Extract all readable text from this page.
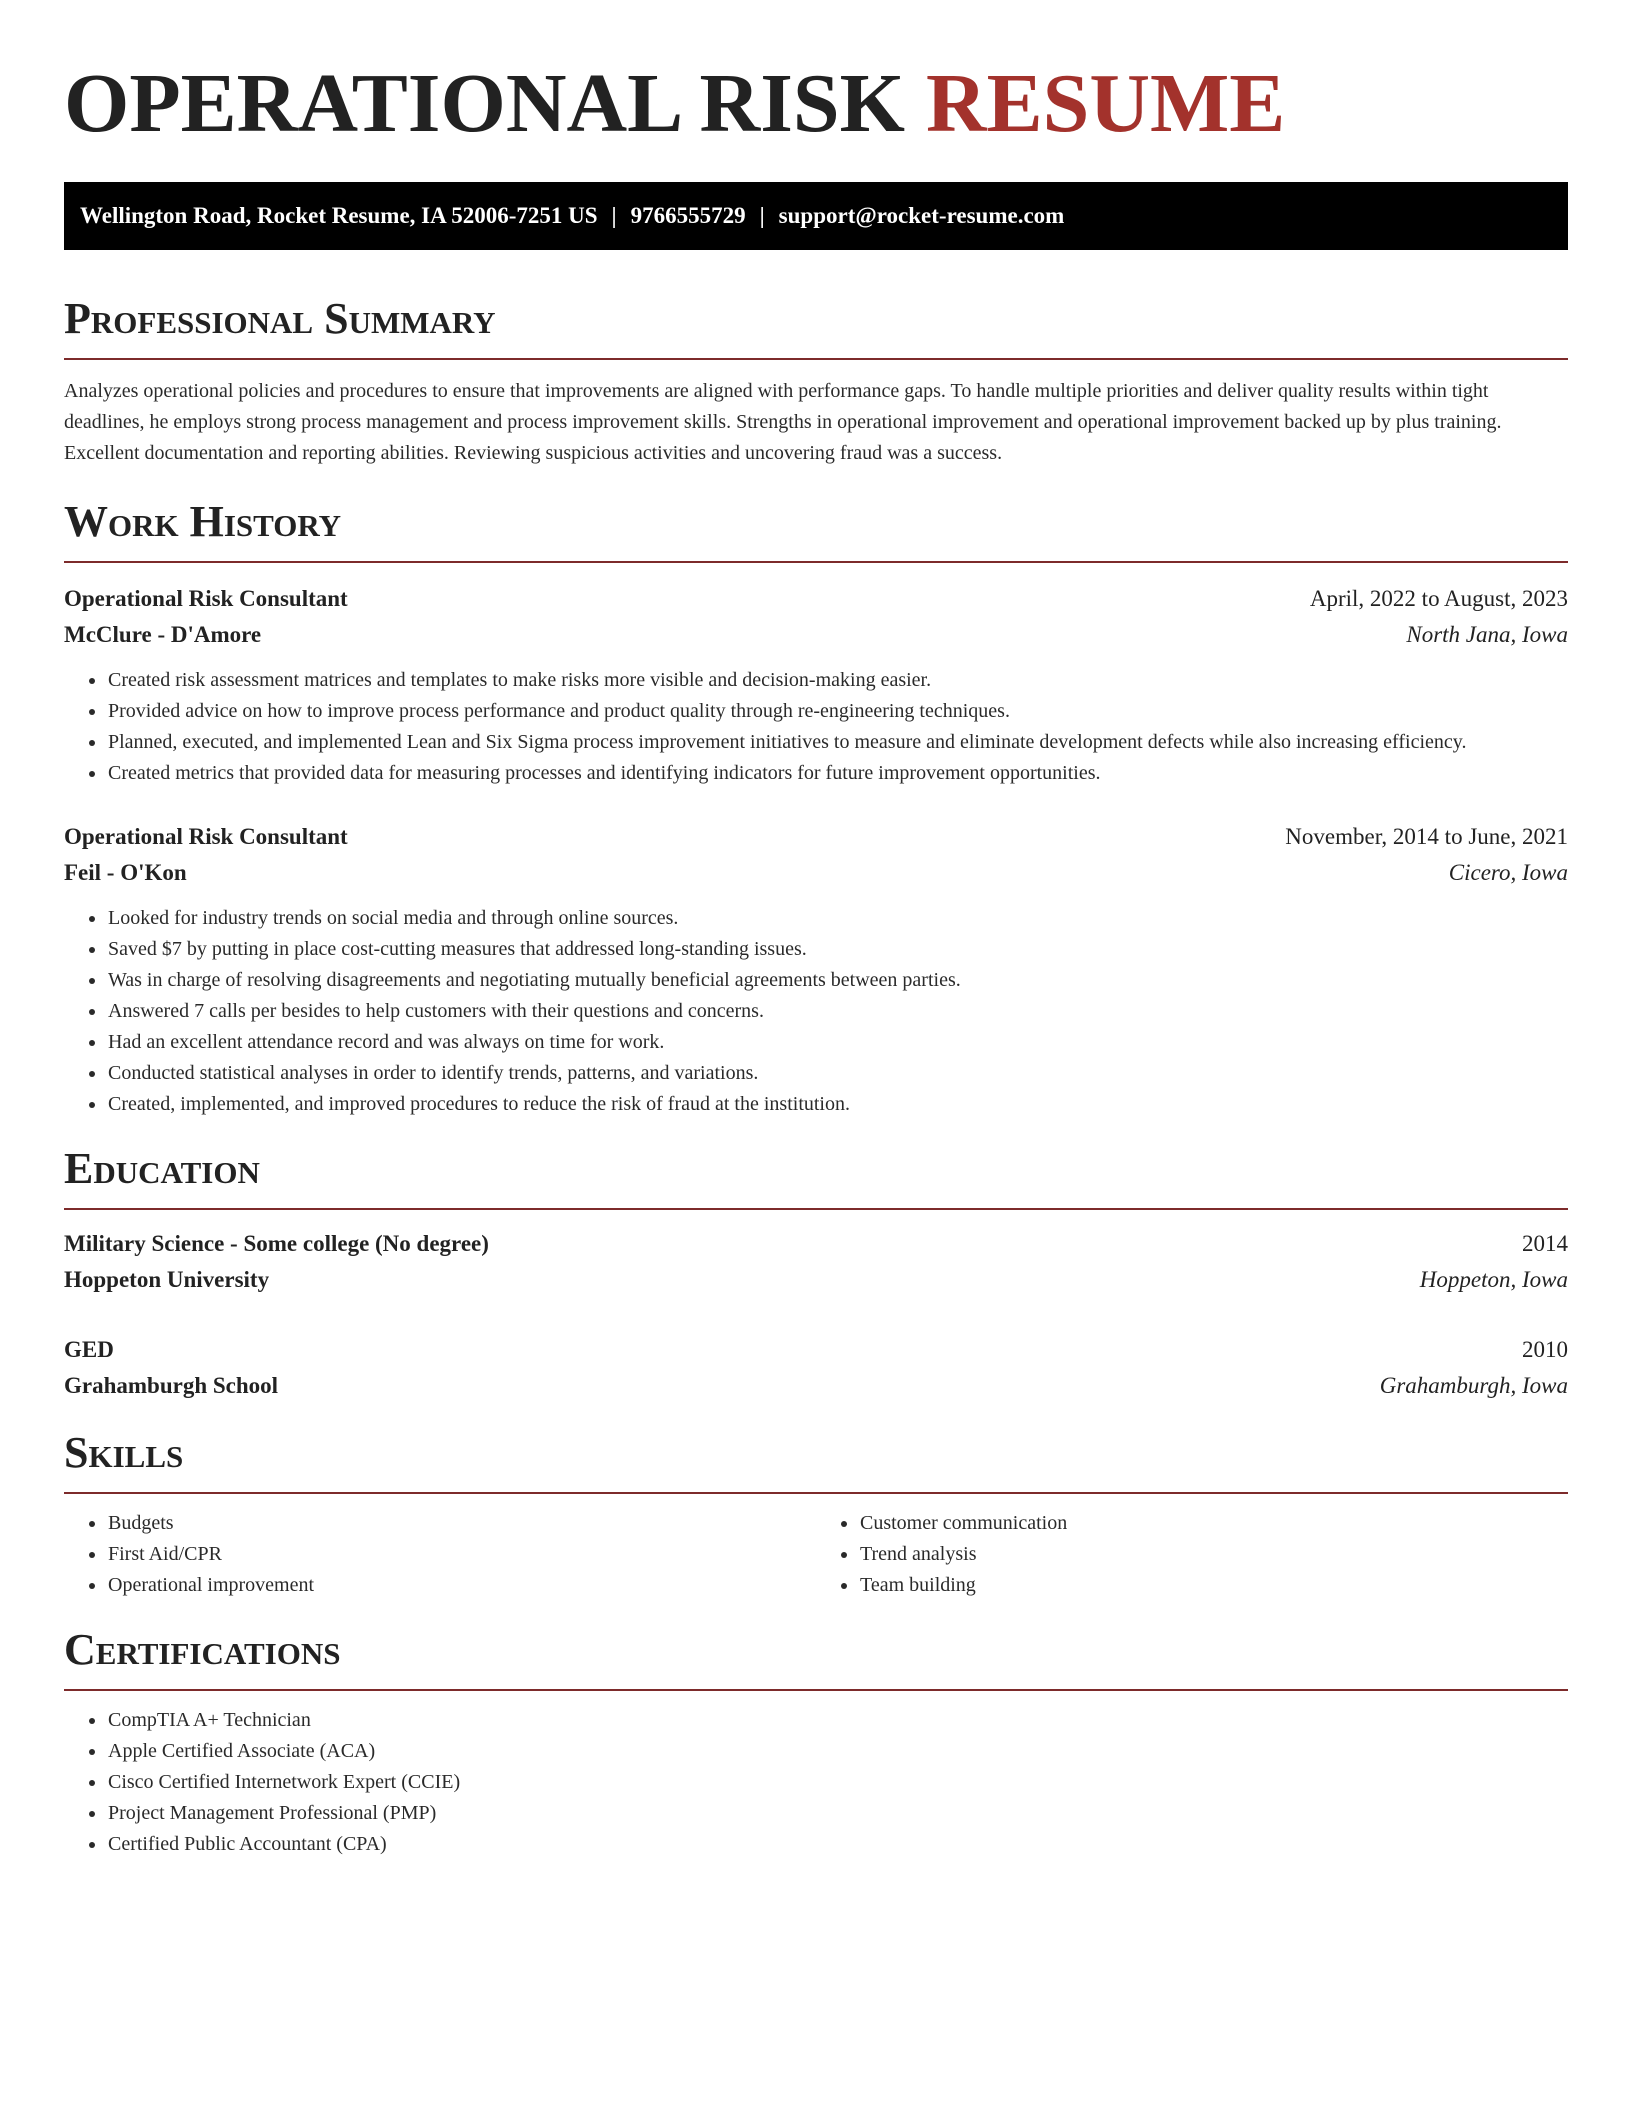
OPERATIONAL RISK RESUME
Wellington Road, Rocket Resume, IA 52006-7251 US | 9766555729 | support@rocket-resume.com
Professional Summary

Analyzes operational policies and procedures to ensure that improvements are aligned with performance gaps. To handle multiple priorities and deliver quality results within tight deadlines, he employs strong process management and process improvement skills. Strengths in operational improvement and operational improvement backed up by plus training. Excellent documentation and reporting abilities. Reviewing suspicious activities and uncovering fraud was a success.

Work History
Operational Risk Consultant	April, 2022 to August, 2023
McClure - D'Amore	North Jana, Iowa
• Created risk assessment matrices and templates to make risks more visible and decision-making easier.
• Provided advice on how to improve process performance and product quality through re-engineering techniques.
• Planned, executed, and implemented Lean and Six Sigma process improvement initiatives to measure and eliminate development defects while also increasing efficiency.
• Created metrics that provided data for measuring processes and identifying indicators for future improvement opportunities.
Operational Risk Consultant	November, 2014 to June, 2021
Feil - O'Kon	Cicero, Iowa
• Looked for industry trends on social media and through online sources.
• Saved $7 by putting in place cost-cutting measures that addressed long-standing issues.
• Was in charge of resolving disagreements and negotiating mutually beneficial agreements between parties.
• Answered 7 calls per besides to help customers with their questions and concerns.
• Had an excellent attendance record and was always on time for work.
• Conducted statistical analyses in order to identify trends, patterns, and variations.
• Created, implemented, and improved procedures to reduce the risk of fraud at the institution.
Education
Military Science - Some college (No degree)	2014
Hoppeton University	Hoppeton, Iowa
GED	2010
Grahamburgh School	Grahamburgh, Iowa
Skills
• Budgets
• First Aid/CPR
• Operational improvement
• Customer communication
• Trend analysis
• Team building
Certifications
• CompTIA A+ Technician
• Apple Certified Associate (ACA)
• Cisco Certified Internetwork Expert (CCIE)
• Project Management Professional (PMP)
• Certified Public Accountant (CPA)
